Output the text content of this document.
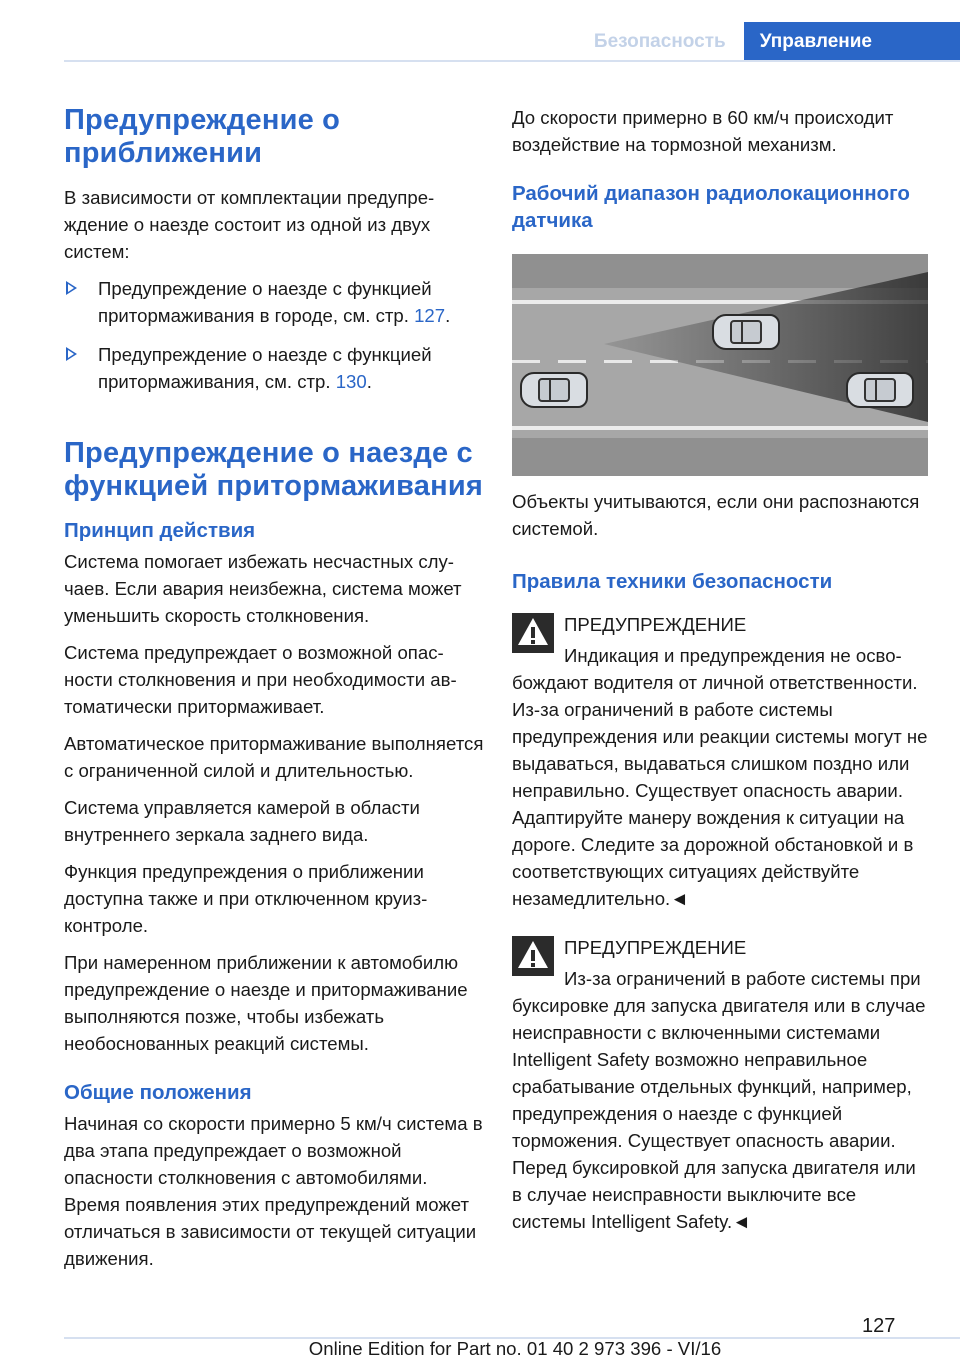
Безопасность	Управление
Предупреждение о приближении

В зависимости от комплектации предупреждение о наезде состоит из одной из двух систем:

Предупреждение о наезде с функцией притормаживания в городе, см. стр. 127.
Предупреждение о наезде с функцией притормаживания, см. стр. 130.
Предупреждение о наезде с функцией притормаживания
Принцип действия

Система помогает избежать несчастных случаев. Если авария неизбежна, система может уменьшить скорость столкновения.

Система предупреждает о возможной опасности столкновения и при необходимости автоматически притормаживает.

Автоматическое притормаживание выполняется с ограниченной силой и длительностью.

Система управляется камерой в области внутреннего зеркала заднего вида.

Функция предупреждения о приближении доступна также и при отключенном круиз-контроле.

При намеренном приближении к автомобилю предупреждение о наезде и притормaживание выполняются позже, чтобы избежать необоснованных реакций системы.

Общие положения

Начиная со скорости примерно 5 км/ч система в два этапа предупреждает о возможной опасности столкновения с автомобилями. Время появления этих предупреждений может отличаться в зависимости от текущей ситуации движения.

До скорости примерно в 60 км/ч происходит воздействие на тормозной механизм.

Рабочий диапазон радиолокационного датчика

Объекты учитываются, если они распознаются системой.

Правила техники безопасности
ПРЕДУПРЕЖДЕНИЕ
Индикация и предупреждения не освобождают водителя от личной ответственности. Из-за ограничений в работе системы предупреждения или реакции системы могут не выдаваться, выдаваться слишком поздно или неправильно. Существует опасность аварии. Адаптируйте манеру вождения к ситуации на дороге. Следите за дорожной обстановкой и в соответствующих ситуациях действуйте незамедлительно.◄
ПРЕДУПРЕЖДЕНИЕ
Из-за ограничений в работе системы при буксировке для запуска двигателя или в случае неисправности с включенными системами Intelligent Safety возможно неправильное срабатывание отдельных функций, например, предупреждения о наезде с функцией торможения. Существует опасность аварии. Перед буксировкой для запуска двигателя или в случае неисправности выключите все системы Intelligent Safety.◄
127
Online Edition for Part no. 01 40 2 973 396 - VI/16
